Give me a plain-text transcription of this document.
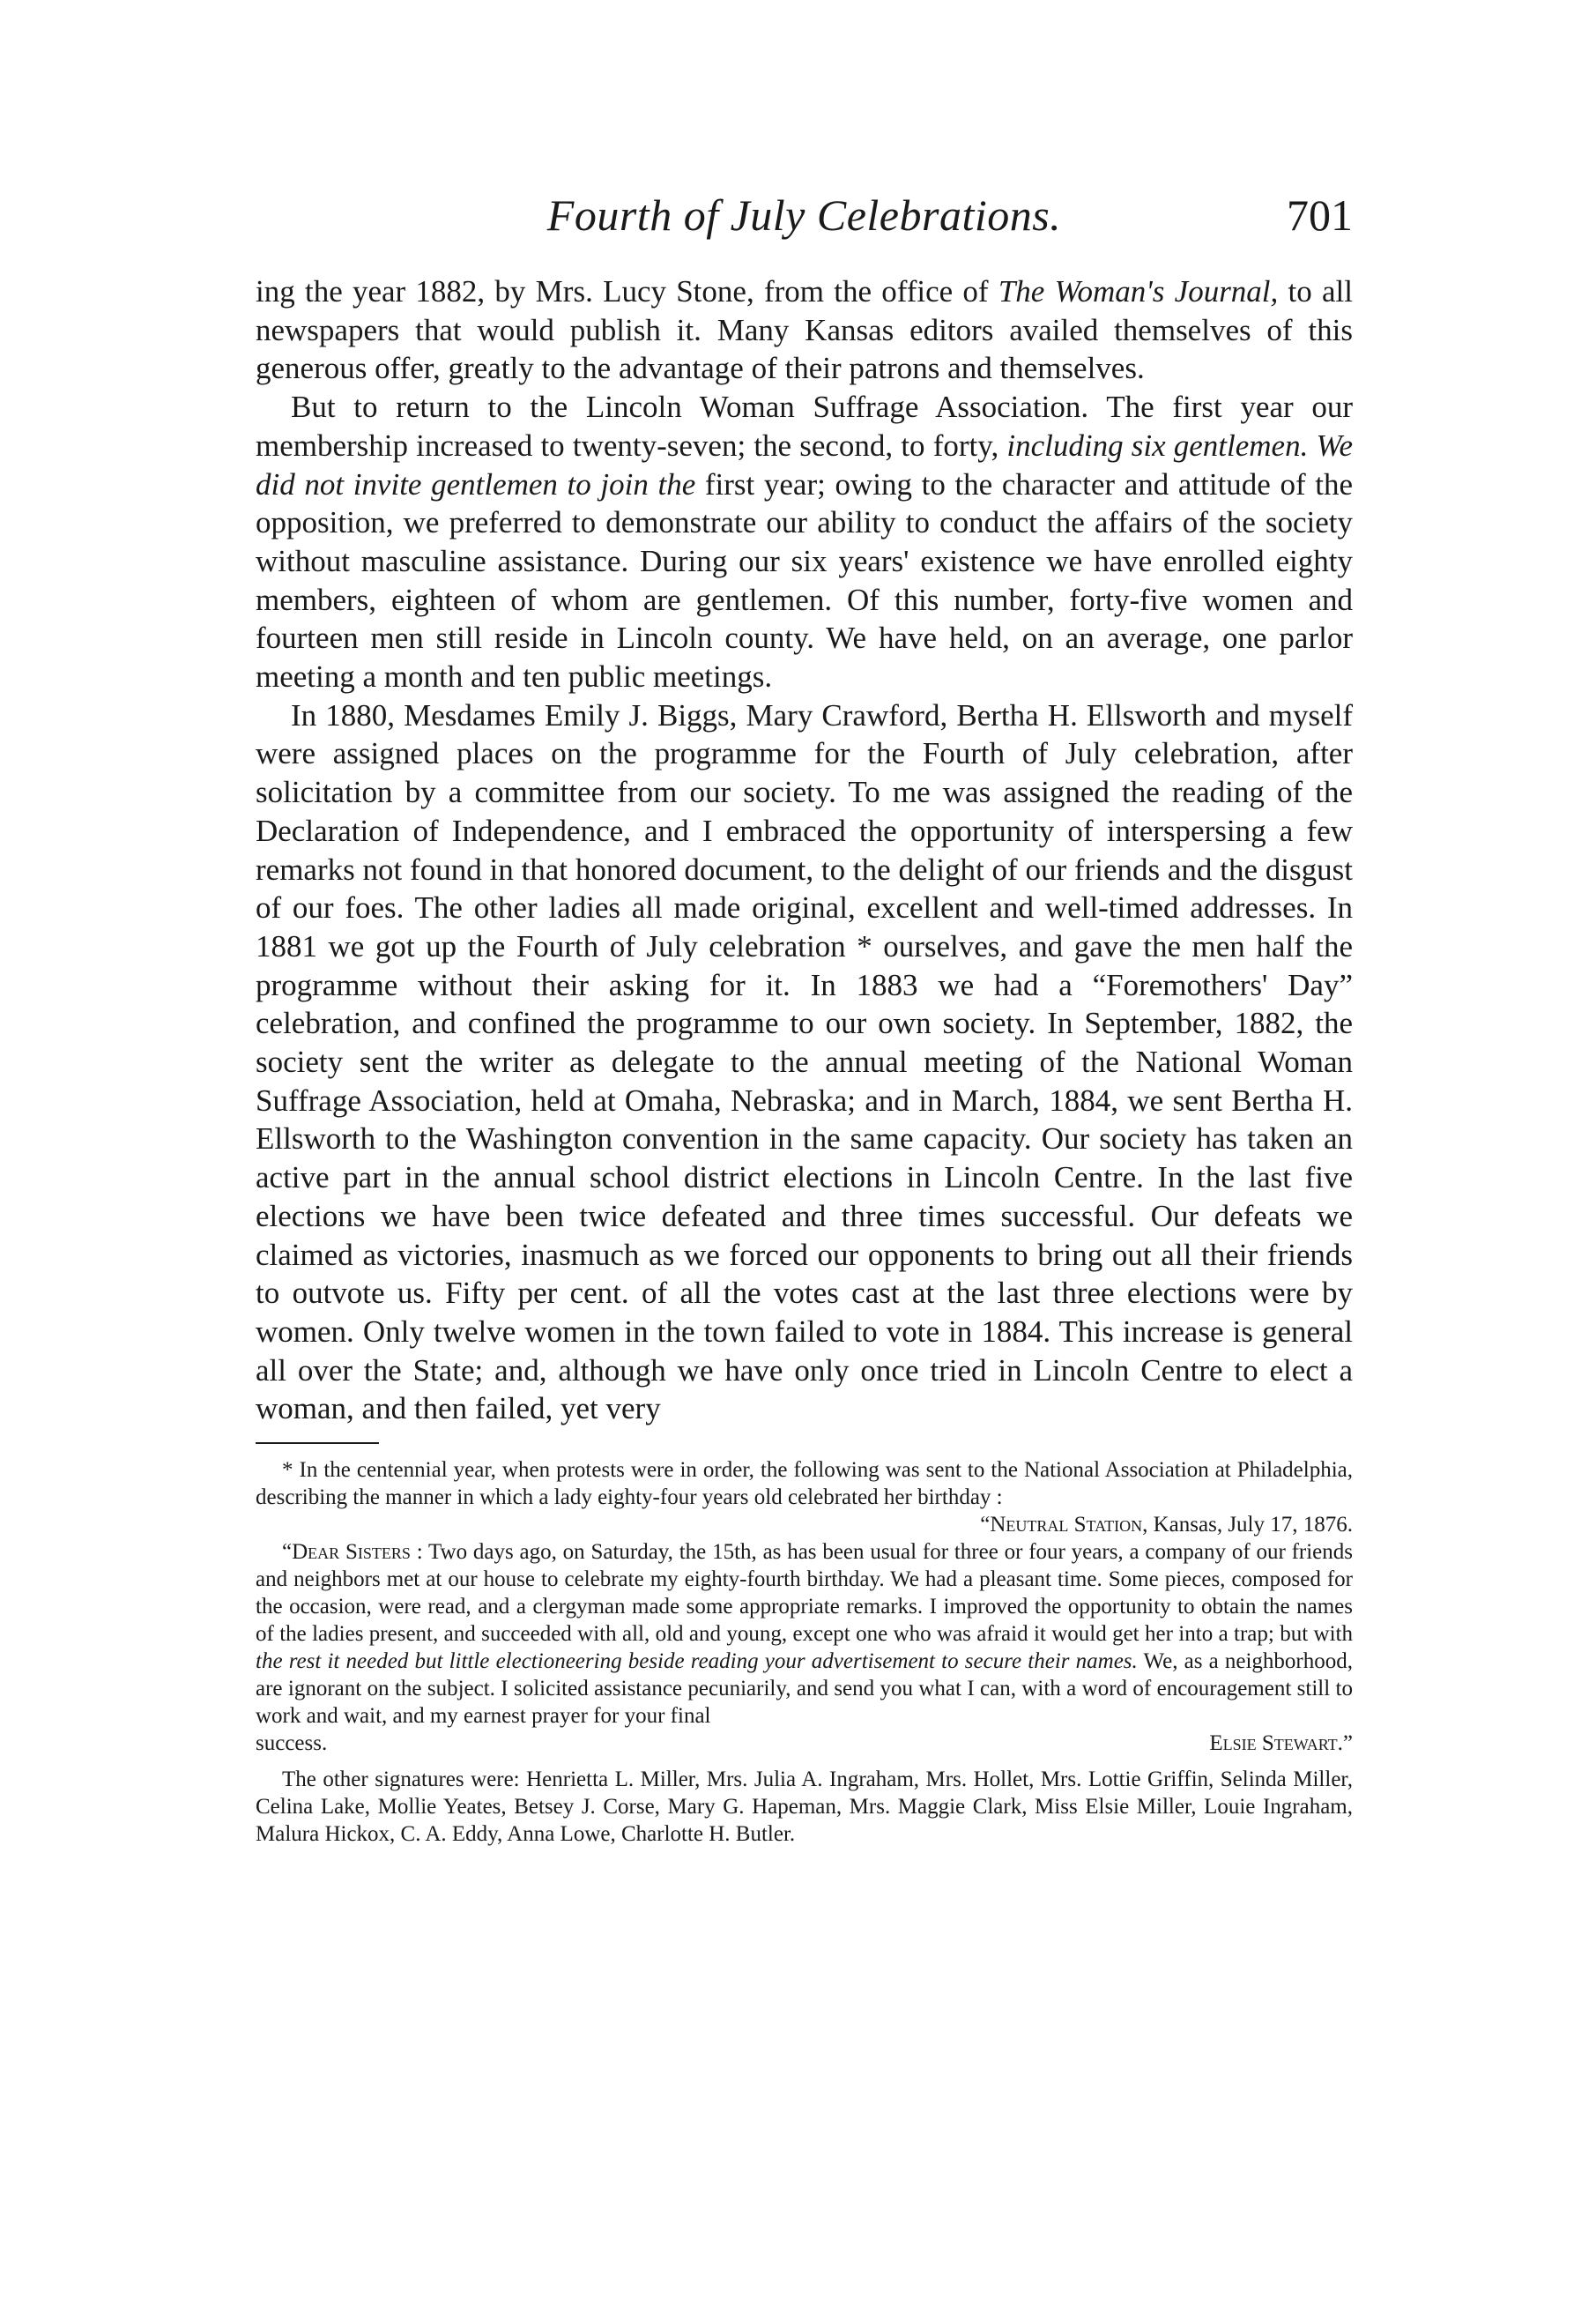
Fourth of July Celebrations.	701

ing the year 1882, by Mrs. Lucy Stone, from the office of The Woman's Journal, to all newspapers that would publish it. Many Kansas editors availed themselves of this generous offer, greatly to the advantage of their patrons and themselves.

But to return to the Lincoln Woman Suffrage Association. The first year our membership increased to twenty-seven; the second, to forty, including six gentlemen. We did not invite gentlemen to join the first year; owing to the character and attitude of the opposition, we preferred to demonstrate our ability to conduct the affairs of the society without masculine assistance. During our six years' existence we have enrolled eighty members, eighteen of whom are gentlemen. Of this number, forty-five women and fourteen men still reside in Lincoln county. We have held, on an average, one parlor meeting a month and ten public meetings.

In 1880, Mesdames Emily J. Biggs, Mary Crawford, Bertha H. Ellsworth and myself were assigned places on the programme for the Fourth of July celebration, after solicitation by a committee from our society. To me was assigned the reading of the Declaration of Independence, and I embraced the opportunity of interspersing a few remarks not found in that honored document, to the delight of our friends and the disgust of our foes. The other ladies all made original, excellent and well-timed addresses. In 1881 we got up the Fourth of July celebration * ourselves, and gave the men half the programme without their asking for it. In 1883 we had a “Foremothers' Day” celebration, and confined the programme to our own society. In September, 1882, the society sent the writer as delegate to the annual meeting of the National Woman Suffrage Association, held at Omaha, Nebraska; and in March, 1884, we sent Bertha H. Ellsworth to the Washington convention in the same capacity. Our society has taken an active part in the annual school district elections in Lincoln Centre. In the last five elections we have been twice defeated and three times successful. Our defeats we claimed as victories, inasmuch as we forced our opponents to bring out all their friends to outvote us. Fifty per cent. of all the votes cast at the last three elections were by women. Only twelve women in the town failed to vote in 1884. This increase is general all over the State; and, although we have only once tried in Lincoln Centre to elect a woman, and then failed, yet very

* In the centennial year, when protests were in order, the following was sent to the National Association at Philadelphia, describing the manner in which a lady eighty-four years old celebrated her birthday :

“Neutral Station, Kansas, July 17, 1876.

“Dear Sisters : Two days ago, on Saturday, the 15th, as has been usual for three or four years, a company of our friends and neighbors met at our house to celebrate my eighty-fourth birthday. We had a pleasant time. Some pieces, composed for the occasion, were read, and a clergyman made some appropriate remarks. I improved the opportunity to obtain the names of the ladies present, and succeeded with all, old and young, except one who was afraid it would get her into a trap; but with the rest it needed but little electioneering beside reading your advertisement to secure their names. We, as a neighborhood, are ignorant on the subject. I solicited assistance pecuniarily, and send you what I can, with a word of encouragement still to work and wait, and my earnest prayer for your final

success.	Elsie Stewart.”

The other signatures were: Henrietta L. Miller, Mrs. Julia A. Ingraham, Mrs. Hollet, Mrs. Lottie Griffin, Selinda Miller, Celina Lake, Mollie Yeates, Betsey J. Corse, Mary G. Hapeman, Mrs. Maggie Clark, Miss Elsie Miller, Louie Ingraham, Malura Hickox, C. A. Eddy, Anna Lowe, Charlotte H. Butler.
